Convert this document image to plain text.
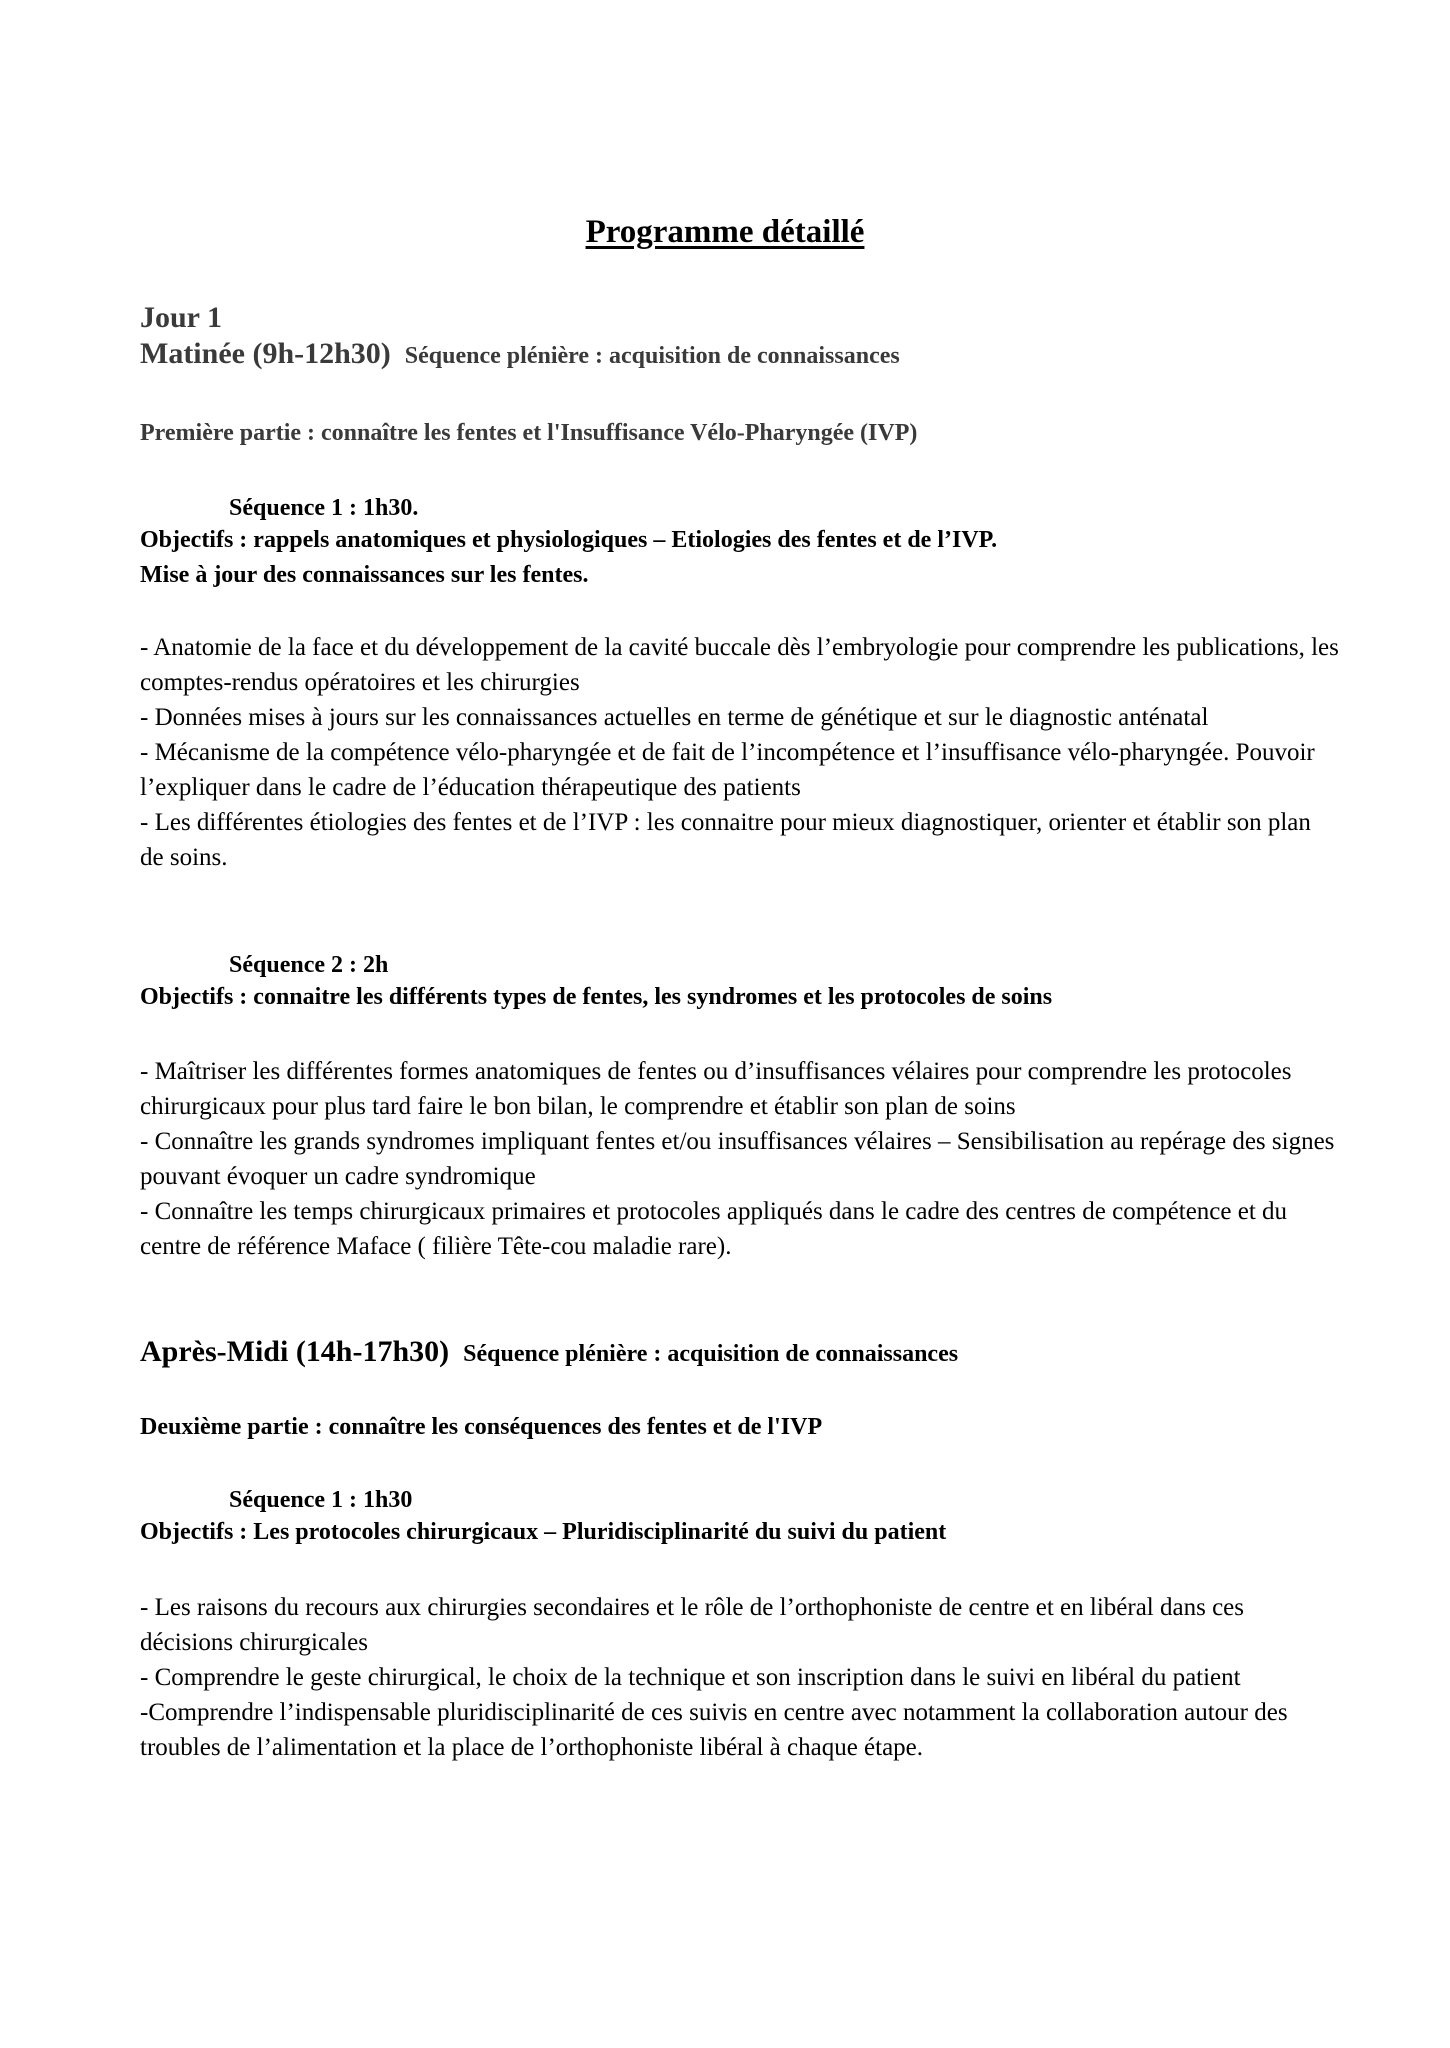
Programme détaillé
Jour 1
Matinée (9h-12h30) Séquence plénière : acquisition de connaissances
Première partie : connaître les fentes et l'Insuffisance Vélo-Pharyngée (IVP)
Séquence 1 : 1h30.
Objectifs : rappels anatomiques et physiologiques – Etiologies des fentes et de l’IVP.
Mise à jour des connaissances sur les fentes.
- Anatomie de la face et du développement de la cavité buccale dès l’embryologie pour comprendre les publications, les comptes-rendus opératoires et les chirurgies
- Données mises à jours sur les connaissances actuelles en terme de génétique et sur le diagnostic anténatal
- Mécanisme de la compétence vélo-pharyngée et de fait de l’incompétence et l’insuffisance vélo-pharyngée. Pouvoir l’expliquer dans le cadre de l’éducation thérapeutique des patients
- Les différentes étiologies des fentes et de l’IVP : les connaitre pour mieux diagnostiquer, orienter et établir son plan de soins.
Séquence 2 : 2h
Objectifs : connaitre les différents types de fentes, les syndromes et les protocoles de soins
- Maîtriser les différentes formes anatomiques de fentes ou d’insuffisances vélaires pour comprendre les protocoles chirurgicaux pour plus tard faire le bon bilan, le comprendre et établir son plan de soins
- Connaître les grands syndromes impliquant fentes et/ou insuffisances vélaires – Sensibilisation au repérage des signes pouvant évoquer un cadre syndromique
- Connaître les temps chirurgicaux primaires et protocoles appliqués dans le cadre des centres de compétence et du centre de référence Maface ( filière Tête-cou maladie rare).
Après-Midi (14h-17h30) Séquence plénière : acquisition de connaissances
Deuxième partie : connaître les conséquences des fentes et de l'IVP
Séquence 1 : 1h30
Objectifs : Les protocoles chirurgicaux – Pluridisciplinarité du suivi du patient
- Les raisons du recours aux chirurgies secondaires et le rôle de l’orthophoniste de centre et en libéral dans ces décisions chirurgicales
- Comprendre le geste chirurgical, le choix de la technique et son inscription dans le suivi en libéral du patient
-Comprendre l’indispensable pluridisciplinarité de ces suivis en centre avec notamment la collaboration autour des troubles de l’alimentation et la place de l’orthophoniste libéral à chaque étape.
